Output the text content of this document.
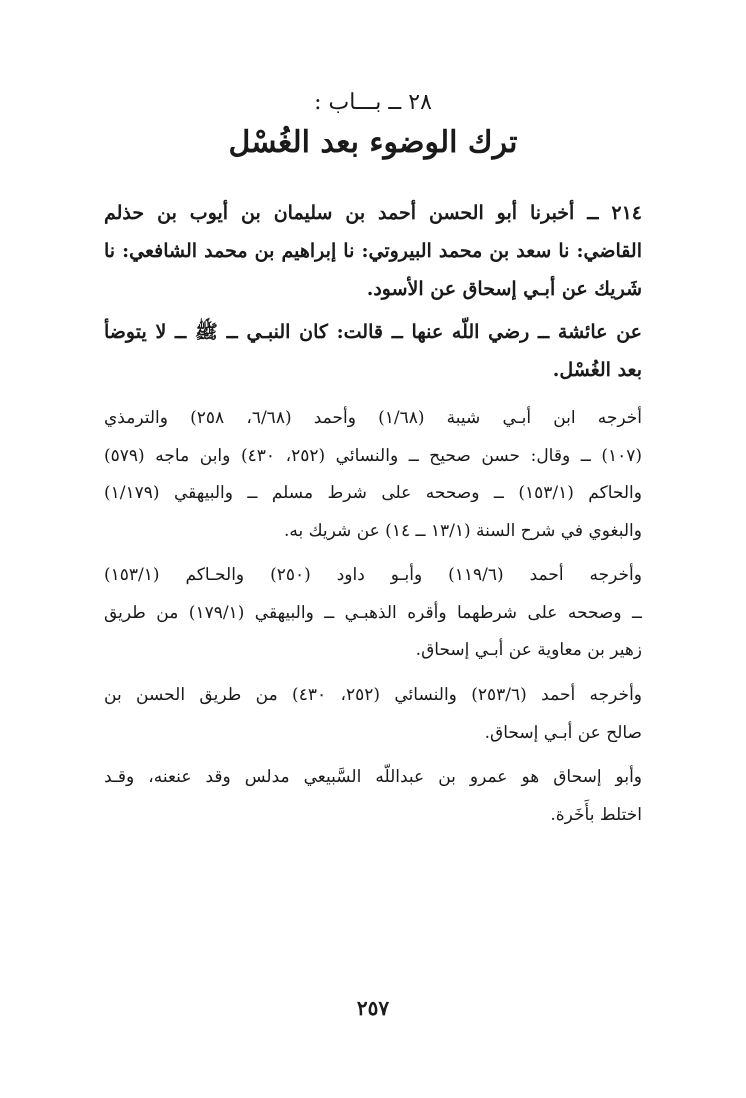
٢٨ ــ بـــاب :
ترك الوضوء بعد الغُسْل
٢١٤ ــ أخبرنا أبو الحسن أحمد بن سليمان بن أيوب بن حذلم
القاضي: نا سعد بن محمد البيروتي: نا إبراهيم بن محمد الشافعي: نا
شَريك عن أبـي إسحاق عن الأسود.
عن عائشة ــ رضي اللّه عنها ــ قالت: كان النبـي ــ ﷺ ــ لا يتوضأ
بعد الغُسْل.
أخرجه ابن أبـي شيبة (١/٦٨) وأحمد (٦/٦٨، ٢٥٨) والترمذي
(١٠٧) ــ وقال: حسن صحيح ــ والنسائي (٢٥٢، ٤٣٠) وابن ماجه (٥٧٩)
والحاكم (١٥٣/١) ــ وصححه على شرط مسلم ــ والبيهقي (١/١٧٩)
والبغوي في شرح السنة (١٣/١ ــ ١٤) عن شريك به.
وأخرجه أحمد (١١٩/٦) وأبـو داود (٢٥٠) والحـاكم (١٥٣/١)
ــ وصححه على شرطهما وأقره الذهبـي ــ والبيهقي (١٧٩/١) من طريق
زهير بن معاوية عن أبـي إسحاق.
وأخرجه أحمد (٢٥٣/٦) والنسائي (٢٥٢، ٤٣٠) من طريق الحسن بن
صالح عن أبـي إسحاق.
وأبو إسحاق هو عمرو بن عبداللّه السَّبيعي مدلس وقد عنعنه، وقـد
اختلط بأَخَرة.
٢٥٧
